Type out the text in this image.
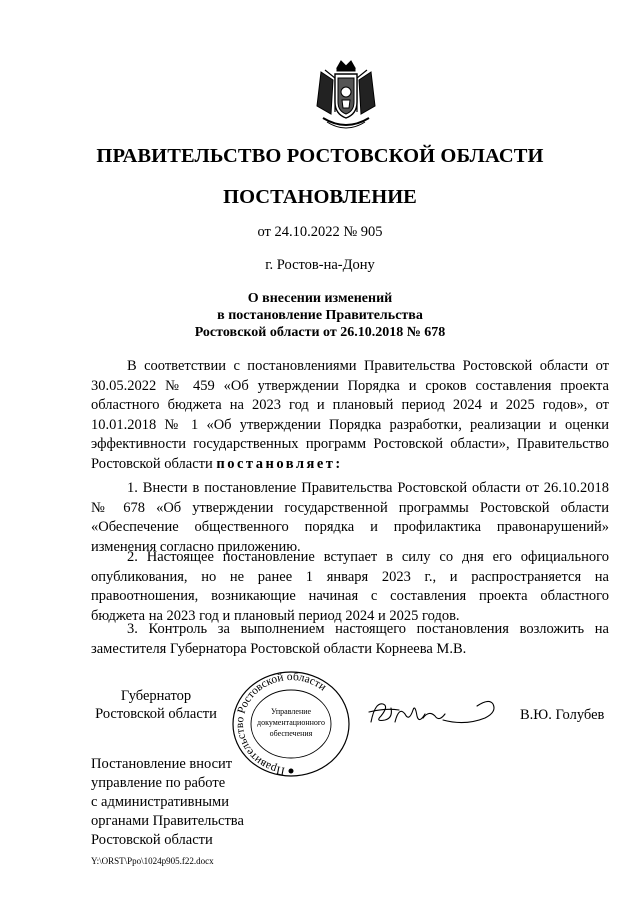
ПРАВИТЕЛЬСТВО РОСТОВСКОЙ ОБЛАСТИ
ПОСТАНОВЛЕНИЕ
от 24.10.2022 № 905
г. Ростов-на-Дону
О внесении изменений
в постановление Правительства
Ростовской области от 26.10.2018 № 678
В соответствии с постановлениями Правительства Ростовской области от 30.05.2022 № 459 «Об утверждении Порядка и сроков составления проекта областного бюджета на 2023 год и плановый период 2024 и 2025 годов», от 10.01.2018 № 1 «Об утверждении Порядка разработки, реализации и оценки эффективности государственных программ Ростовской области», Правительство Ростовской области постановляет:
1. Внести в постановление Правительства Ростовской области от 26.10.2018 № 678 «Об утверждении государственной программы Ростовской области «Обеспечение общественного порядка и профилактика правонарушений» изменения согласно приложению.
2. Настоящее постановление вступает в силу со дня его официального опубликования, но не ранее 1 января 2023 г., и распространяется на правоотношения, возникающие начиная с составления проекта областного бюджета на 2023 год и плановый период 2024 и 2025 годов.
3. Контроль за выполнением настоящего постановления возложить на заместителя Губернатора Ростовской области Корнеева М.В.
Губернатор
Ростовской области
Правительство Ростовской области
Управление
документационного
обеспечения
В.Ю. Голубев
Постановление вносит
управление по работе
с административными
органами Правительства
Ростовской области
Y:\ORST\Ppo\1024p905.f22.docx
